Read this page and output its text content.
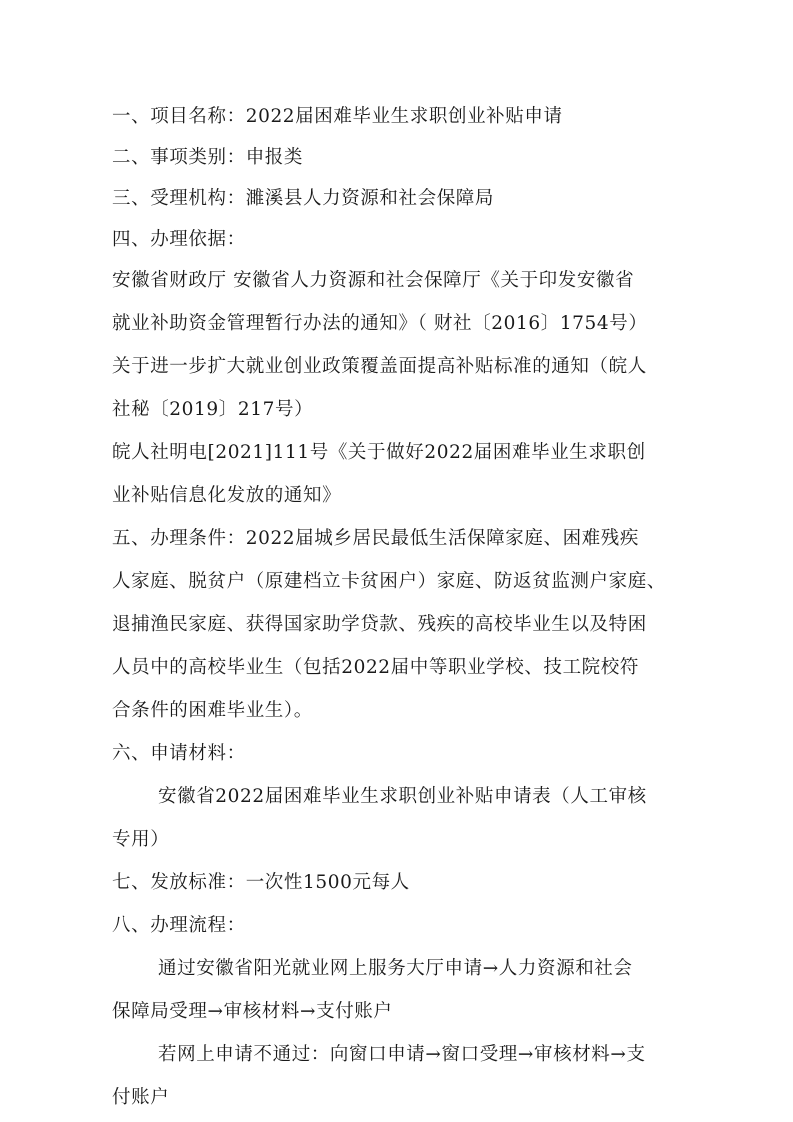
一、项目名称：2022届困难毕业生求职创业补贴申请

二、事项类别：申报类

三、受理机构：濉溪县人力资源和社会保障局

四、办理依据：

安徽省财政厅 安徽省人力资源和社会保障厅《关于印发安徽省

就业补助资金管理暂行办法的通知》（ 财社〔2016〕1754号）

关于进一步扩大就业创业政策覆盖面提高补贴标准的通知（皖人

社秘〔2019〕217号）

皖人社明电[2021]111号《关于做好2022届困难毕业生求职创

业补贴信息化发放的通知》

五、办理条件：2022届城乡居民最低生活保障家庭、困难残疾

人家庭、脱贫户（原建档立卡贫困户）家庭、防返贫监测户家庭、

退捕渔民家庭、获得国家助学贷款、残疾的高校毕业生以及特困

人员中的高校毕业生（包括2022届中等职业学校、技工院校符

合条件的困难毕业生）。

六、申请材料：

安徽省2022届困难毕业生求职创业补贴申请表（人工审核

专用）

七、发放标准：一次性1500元每人

八、办理流程：

通过安徽省阳光就业网上服务大厅申请→人力资源和社会

保障局受理→审核材料→支付账户

若网上申请不通过：向窗口申请→窗口受理→审核材料→支

付账户
